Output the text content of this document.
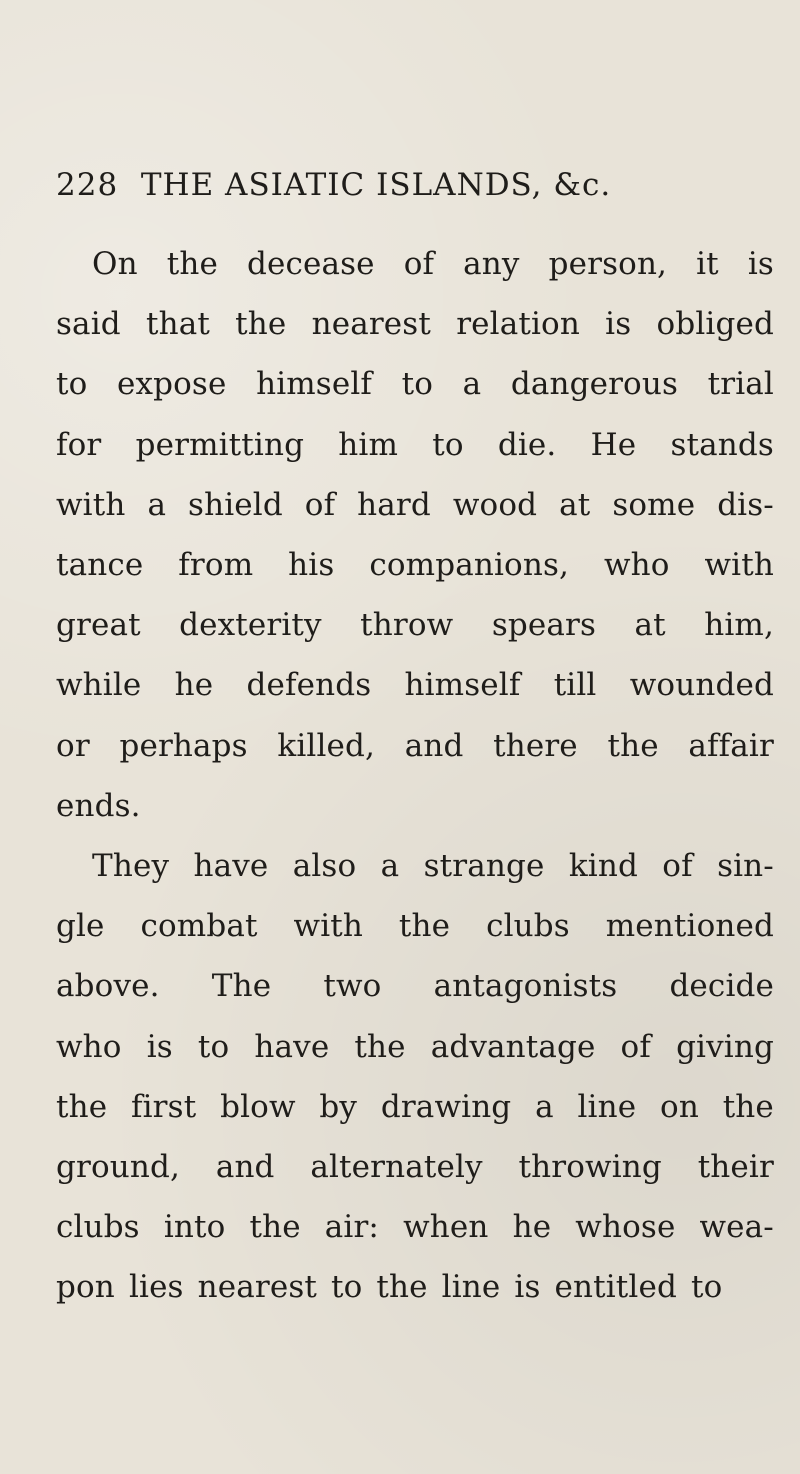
228 THE ASIATIC ISLANDS, &c.
On the decease of any person, it is
said that the nearest relation is obliged
to expose himself to a dangerous trial
for permitting him to die. He stands
with a shield of hard wood at some dis-
tance from his companions, who with
great dexterity throw spears at him,
while he defends himself till wounded
or perhaps killed, and there the affair
ends.
They have also a strange kind of sin-
gle combat with the clubs mentioned
above. The two antagonists decide
who is to have the advantage of giving
the first blow by drawing a line on the
ground, and alternately throwing their
clubs into the air: when he whose wea-
pon lies nearest to the line is entitled to
